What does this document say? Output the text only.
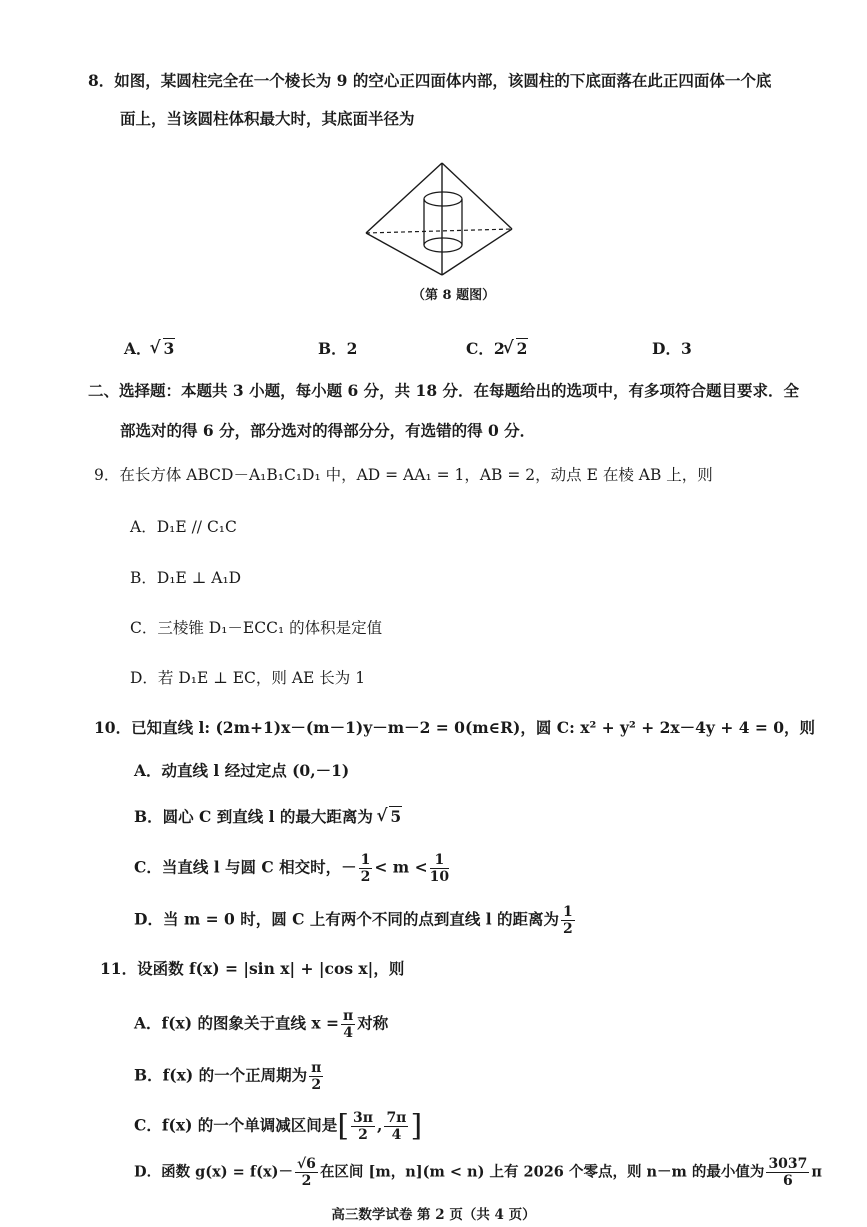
8．如图，某圆柱完全在一个棱长为 9 的空心正四面体内部，该圆柱的下底面落在此正四面体一个底
面上，当该圆柱体积最大时，其底面半径为
（第 8 题图）
A． √ 3	B．2	C．2 √ 2	D．3
二、选择题：本题共 3 小题，每小题 6 分，共 18 分．在每题给出的选项中，有多项符合题目要求．全
部选对的得 6 分，部分选对的得部分分，有选错的得 0 分．
9．在长方体 ABCD－A₁B₁C₁D₁ 中，AD = AA₁ = 1，AB = 2，动点 E 在棱 AB 上，则
A．D₁E // C₁C
B．D₁E ⊥ A₁D
C．三棱锥 D₁－ECC₁ 的体积是定值
D．若 D₁E ⊥ EC，则 AE 长为 1
10．已知直线 l: (2m+1)x－(m－1)y－m－2 = 0(m∈R)，圆 C: x² + y² + 2x－4y + 4 = 0，则
A．动直线 l 经过定点 (0,－1)
B．圆心 C 到直线 l 的最大距离为 √ 5
C．当直线 l 与圆 C 相交时，－ $\frac{1}{2} < m < \frac{1}{10}$
D．当 m = 0 时，圆 C 上有两个不同的点到直线 l 的距离为 $\frac{1}{2}$
11．设函数 f(x) = |sin x| + |cos x|，则
A．f(x) 的图象关于直线 $x = \frac{\pi}{4}$ 对称
B．f(x) 的一个正周期为 $\frac{\pi}{2}$
C．f(x) 的一个单调减区间是[ $\frac{3\pi}{2}$ , $\frac{7\pi}{4}$ ]
D．函数 $g(x) = f(x)- \frac{√6}{2}$ 在区间 [m，n](m < n) 上有 2026 个零点，则 n－m 的最小值为 $\frac{3037}{6}$ π
高三数学试卷 第 2 页（共 4 页）
